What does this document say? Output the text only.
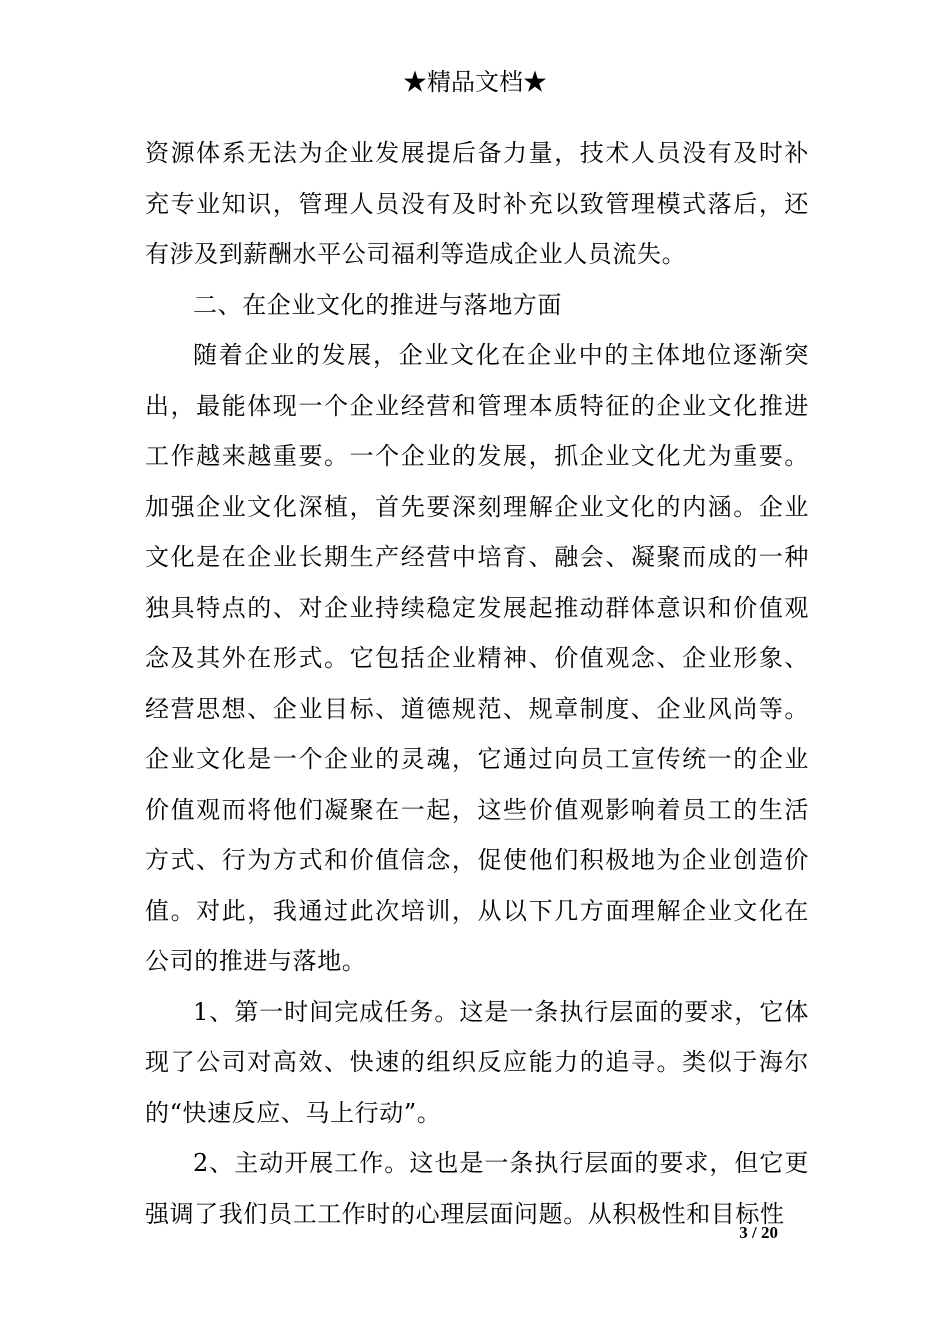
★精品文档★

资源体系无法为企业发展提后备力量，技术人员没有及时补充专业知识，管理人员没有及时补充以致管理模式落后，还有涉及到薪酬水平公司福利等造成企业人员流失。

二、在企业文化的推进与落地方面

随着企业的发展，企业文化在企业中的主体地位逐渐突出，最能体现一个企业经营和管理本质特征的企业文化推进工作越来越重要。一个企业的发展，抓企业文化尤为重要。加强企业文化深植，首先要深刻理解企业文化的内涵。企业文化是在企业长期生产经营中培育、融会、凝聚而成的一种独具特点的、对企业持续稳定发展起推动群体意识和价值观念及其外在形式。它包括企业精神、价值观念、企业形象、经营思想、企业目标、道德规范、规章制度、企业风尚等。企业文化是一个企业的灵魂，它通过向员工宣传统一的企业价值观而将他们凝聚在一起，这些价值观影响着员工的生活方式、行为方式和价值信念，促使他们积极地为企业创造价值。对此，我通过此次培训，从以下几方面理解企业文化在公司的推进与落地。

1、第一时间完成任务。这是一条执行层面的要求，它体现了公司对高效、快速的组织反应能力的追寻。类似于海尔的“快速反应、马上行动”。

2、主动开展工作。这也是一条执行层面的要求，但它更强调了我们员工工作时的心理层面问题。从积极性和目标性

3 / 20
